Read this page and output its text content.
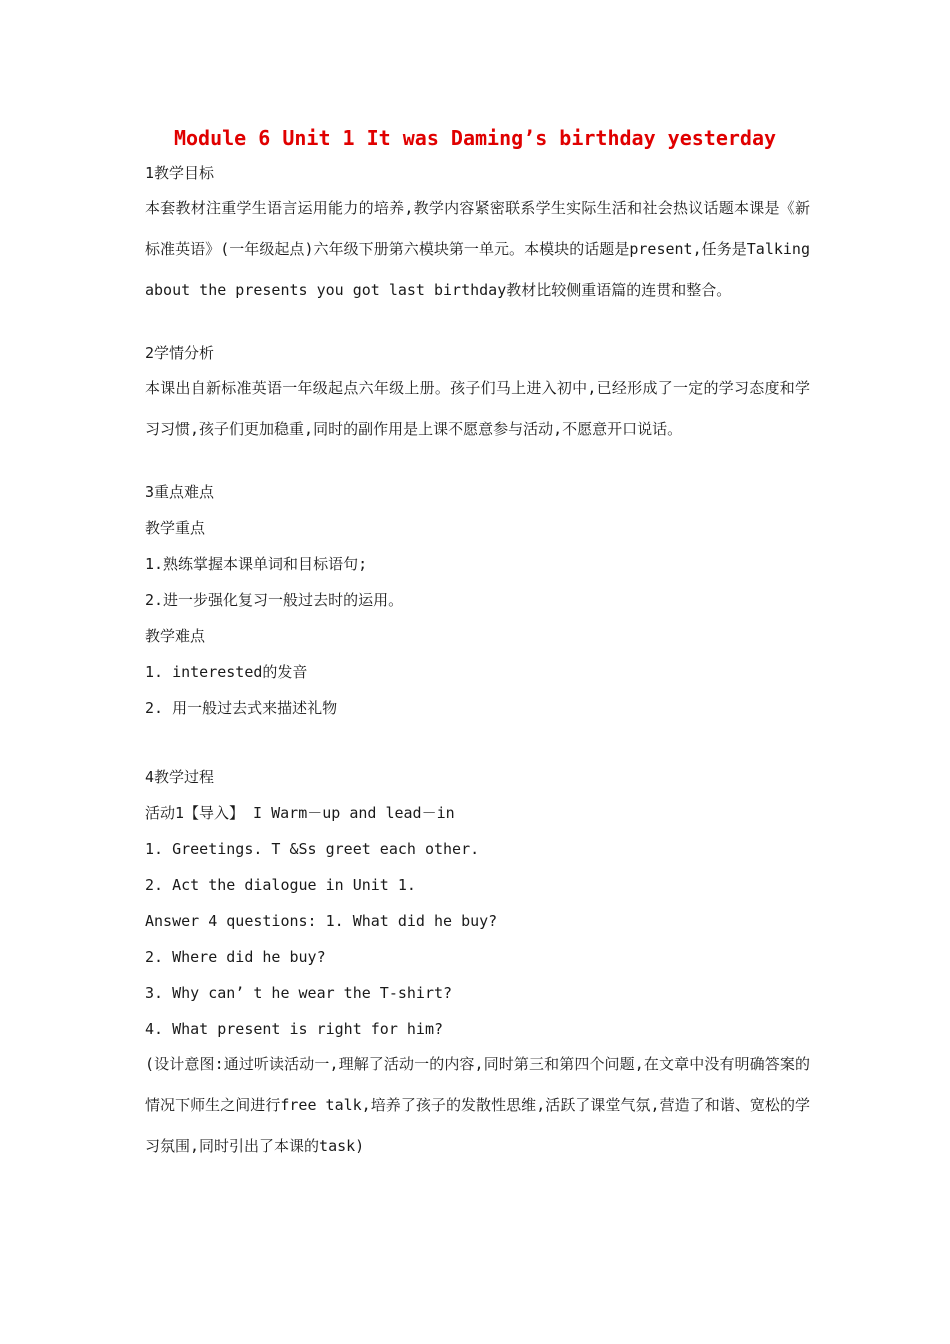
Module 6 Unit 1 It was Daming’s birthday yesterday
1教学目标
本套教材注重学生语言运用能力的培养,教学内容紧密联系学生实际生活和社会热议话题本课是《新标准英语》(一年级起点)六年级下册第六模块第一单元。本模块的话题是present,任务是Talking about the presents you got last birthday教材比较侧重语篇的连贯和整合。
2学情分析
本课出自新标准英语一年级起点六年级上册。孩子们马上进入初中,已经形成了一定的学习态度和学习习惯,孩子们更加稳重,同时的副作用是上课不愿意参与活动,不愿意开口说话。
3重点难点
教学重点
1.熟练掌握本课单词和目标语句;
2.进一步强化复习一般过去时的运用。
教学难点
1. interested的发音
2. 用一般过去式来描述礼物
4教学过程
活动1【导入】 I Warm－up and lead－in
1. Greetings. T &Ss greet each other.
2. Act the dialogue in Unit 1.
Answer 4 questions: 1. What did he buy?
2. Where did he buy?
3. Why can’ t he wear the T-shirt?
4. What present is right for him?
(设计意图:通过听读活动一,理解了活动一的内容,同时第三和第四个问题,在文章中没有明确答案的情况下师生之间进行free talk,培养了孩子的发散性思维,活跃了课堂气氛,营造了和谐、宽松的学习氛围,同时引出了本课的task)
